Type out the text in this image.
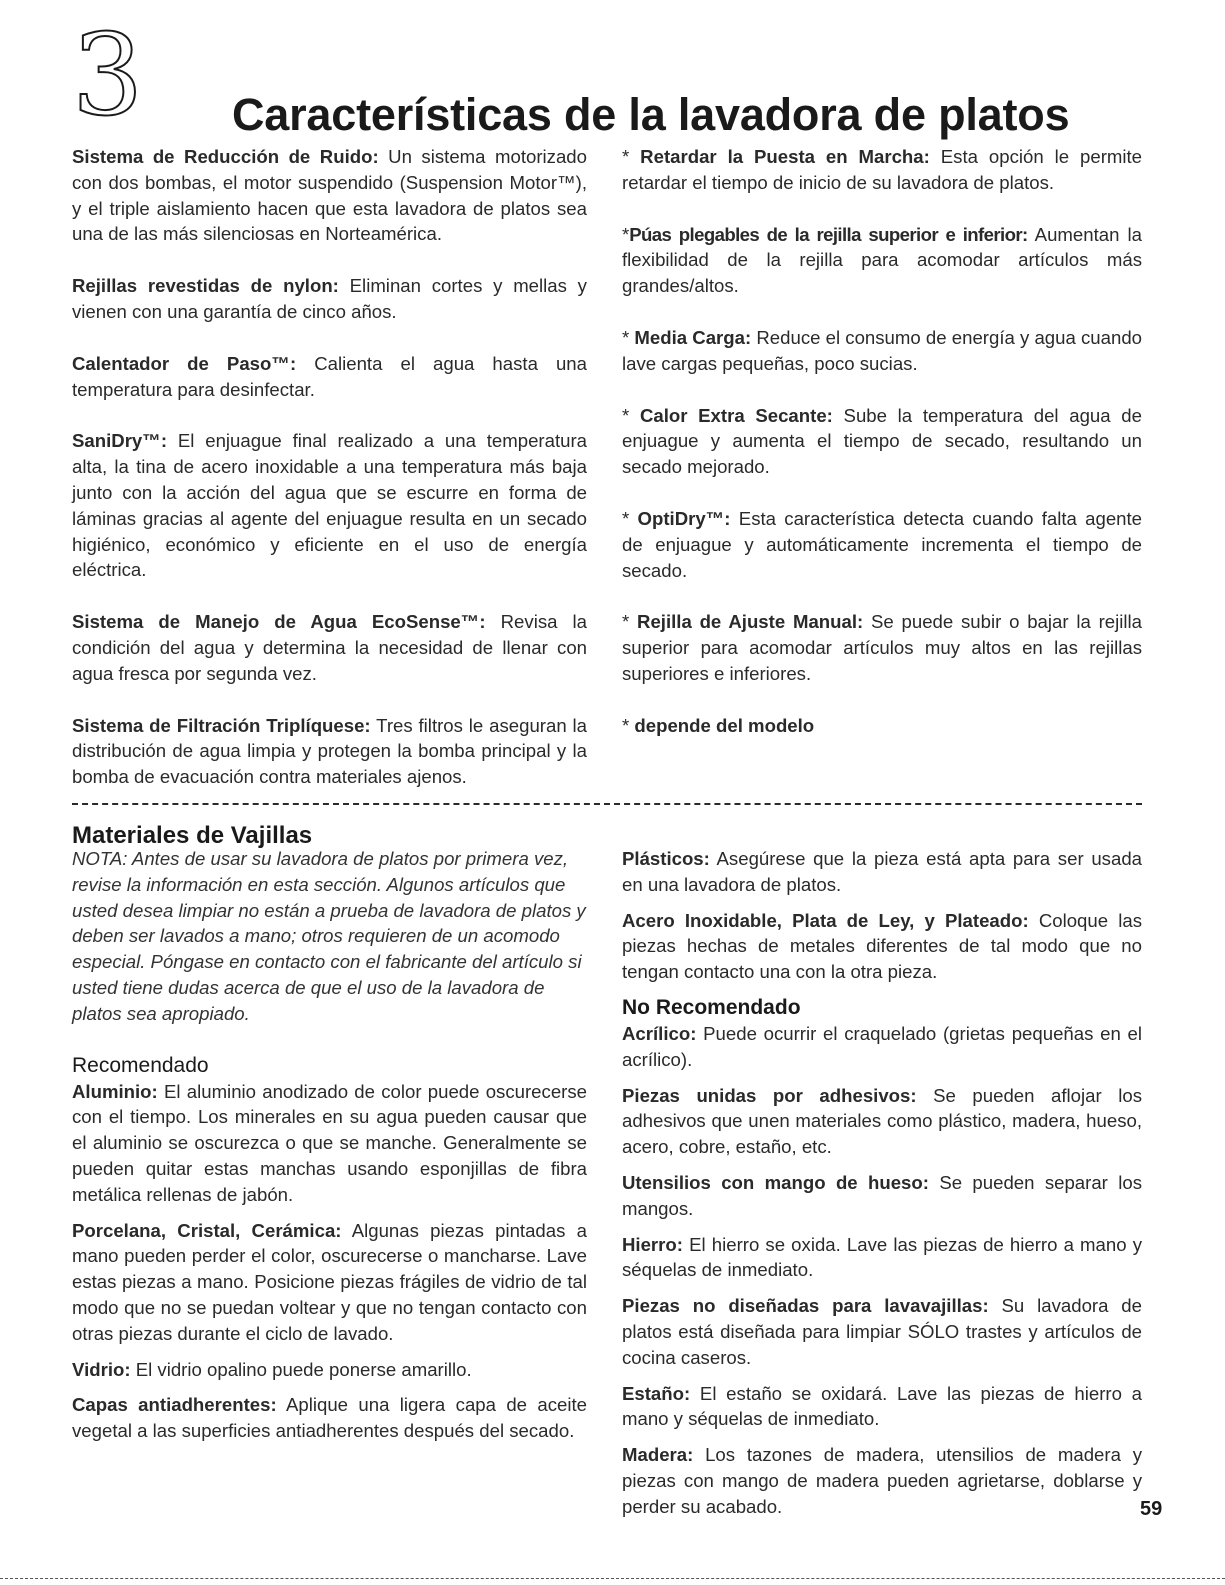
3 Características de la lavadora de platos

Sistema de Reducción de Ruido: Un sistema motorizado con dos bombas, el motor suspendido (Suspension Motor™), y el triple aislamiento hacen que esta lavadora de platos sea una de las más silenciosas en Norteamérica.

Rejillas revestidas de nylon: Eliminan cortes y mellas y vienen con una garantía de cinco años.

Calentador de Paso™: Calienta el agua hasta una temperatura para desinfectar.

SaniDry™: El enjuague final realizado a una temperatura alta, la tina de acero inoxidable a una temperatura más baja junto con la acción del agua que se escurre en forma de láminas gracias al agente del enjuague resulta en un secado higiénico, económico y eficiente en el uso de energía eléctrica.

Sistema de Manejo de Agua EcoSense™: Revisa la condición del agua y determina la necesidad de llenar con agua fresca por segunda vez.

Sistema de Filtración Triplíquese: Tres filtros le aseguran la distribución de agua limpia y protegen la bomba principal y la bomba de evacuación contra materiales ajenos.

* Retardar la Puesta en Marcha: Esta opción le permite retardar el tiempo de inicio de su lavadora de platos.

*Púas plegables de la rejilla superior e inferior: Aumentan la flexibilidad de la rejilla para acomodar artículos más grandes/altos.

* Media Carga: Reduce el consumo de energía y agua cuando lave cargas pequeñas, poco sucias.

* Calor Extra Secante: Sube la temperatura del agua de enjuague y aumenta el tiempo de secado, resultando un secado mejorado.

* OptiDry™: Esta característica detecta cuando falta agente de enjuague y automáticamente incrementa el tiempo de secado.

* Rejilla de Ajuste Manual: Se puede subir o bajar la rejilla superior para acomodar artículos muy altos en las rejillas superiores e inferiores.

* depende del modelo

Materiales de Vajillas

NOTA: Antes de usar su lavadora de platos por primera vez, revise la información en esta sección. Algunos artículos que usted desea limpiar no están a prueba de lavadora de platos y deben ser lavados a mano; otros requieren de un acomodo especial. Póngase en contacto con el fabricante del artículo si usted tiene dudas acerca de que el uso de la lavadora de platos sea apropiado.

Recomendado

Aluminio: El aluminio anodizado de color puede oscurecerse con el tiempo. Los minerales en su agua pueden causar que el aluminio se oscurezca o que se manche. Generalmente se pueden quitar estas manchas usando esponjillas de fibra metálica rellenas de jabón.

Porcelana, Cristal, Cerámica: Algunas piezas pintadas a mano pueden perder el color, oscurecerse o mancharse. Lave estas piezas a mano. Posicione piezas frágiles de vidrio de tal modo que no se puedan voltear y que no tengan contacto con otras piezas durante el ciclo de lavado.

Vidrio: El vidrio opalino puede ponerse amarillo.

Capas antiadherentes: Aplique una ligera capa de aceite vegetal a las superficies antiadherentes después del secado.

Plásticos: Asegúrese que la pieza está apta para ser usada en una lavadora de platos.

Acero Inoxidable, Plata de Ley, y Plateado: Coloque las piezas hechas de metales diferentes de tal modo que no tengan contacto una con la otra pieza.

No Recomendado

Acrílico: Puede ocurrir el craquelado (grietas pequeñas en el acrílico).

Piezas unidas por adhesivos: Se pueden aflojar los adhesivos que unen materiales como plástico, madera, hueso, acero, cobre, estaño, etc.

Utensilios con mango de hueso: Se pueden separar los mangos.

Hierro: El hierro se oxida. Lave las piezas de hierro a mano y séquelas de inmediato.

Piezas no diseñadas para lavavajillas: Su lavadora de platos está diseñada para limpiar SÓLO trastes y artículos de cocina caseros.

Estaño: El estaño se oxidará. Lave las piezas de hierro a mano y séquelas de inmediato.

Madera: Los tazones de madera, utensilios de madera y piezas con mango de madera pueden agrietarse, doblarse y perder su acabado.	59
